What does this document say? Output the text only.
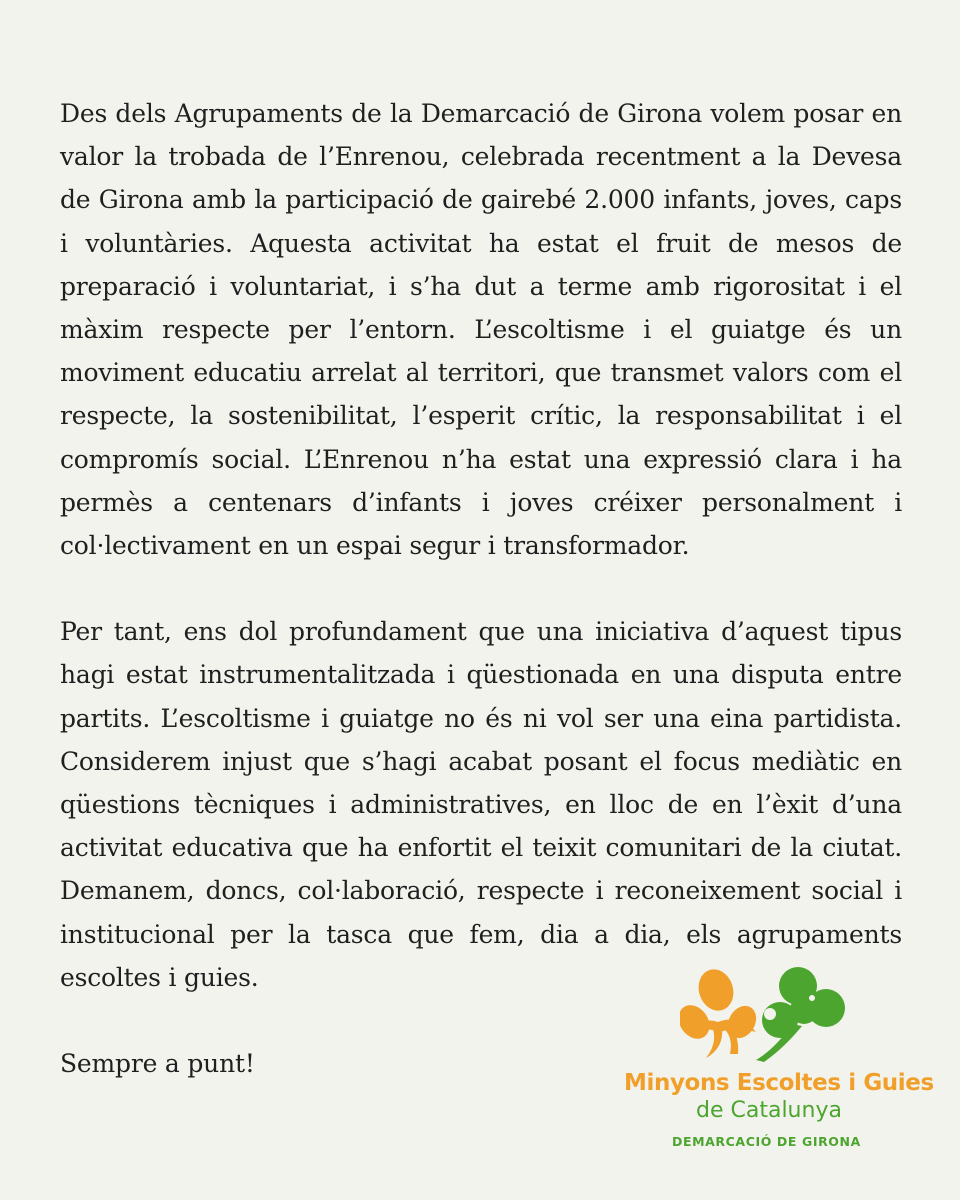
Des dels Agrupaments de la Demarcació de Girona volem posar en valor la trobada de l’Enrenou, celebrada recentment a la Devesa de Girona amb la participació de gairebé 2.000 infants, joves, caps i voluntàries. Aquesta activitat ha estat el fruit de mesos de preparació i voluntariat, i s’ha dut a terme amb rigorositat i el màxim respecte per l’entorn. L’escoltisme i el guiatge és un moviment educatiu arrelat al territori, que transmet valors com el respecte, la sostenibilitat, l’esperit crític, la responsabilitat i el compromís social. L’Enrenou n’ha estat una expressió clara i ha permès a centenars d’infants i joves créixer personalment i col·lectivament en un espai segur i transformador.

Per tant, ens dol profundament que una iniciativa d’aquest tipus hagi estat instrumentalitzada i qüestionada en una disputa entre partits. L’escoltisme i guiatge no és ni vol ser una eina partidista. Considerem injust que s’hagi acabat posant el focus mediàtic en qüestions tècniques i administratives, en lloc de en l’èxit d’una activitat educativa que ha enfortit el teixit comunitari de la ciutat. Demanem, doncs, col·laboració, respecte i reconeixement social i institucional per la tasca que fem, dia a dia, els agrupaments escoltes i guies.

Sempre a punt!

Minyons Escoltes i Guies
de Catalunya
DEMARCACIÓ DE GIRONA
